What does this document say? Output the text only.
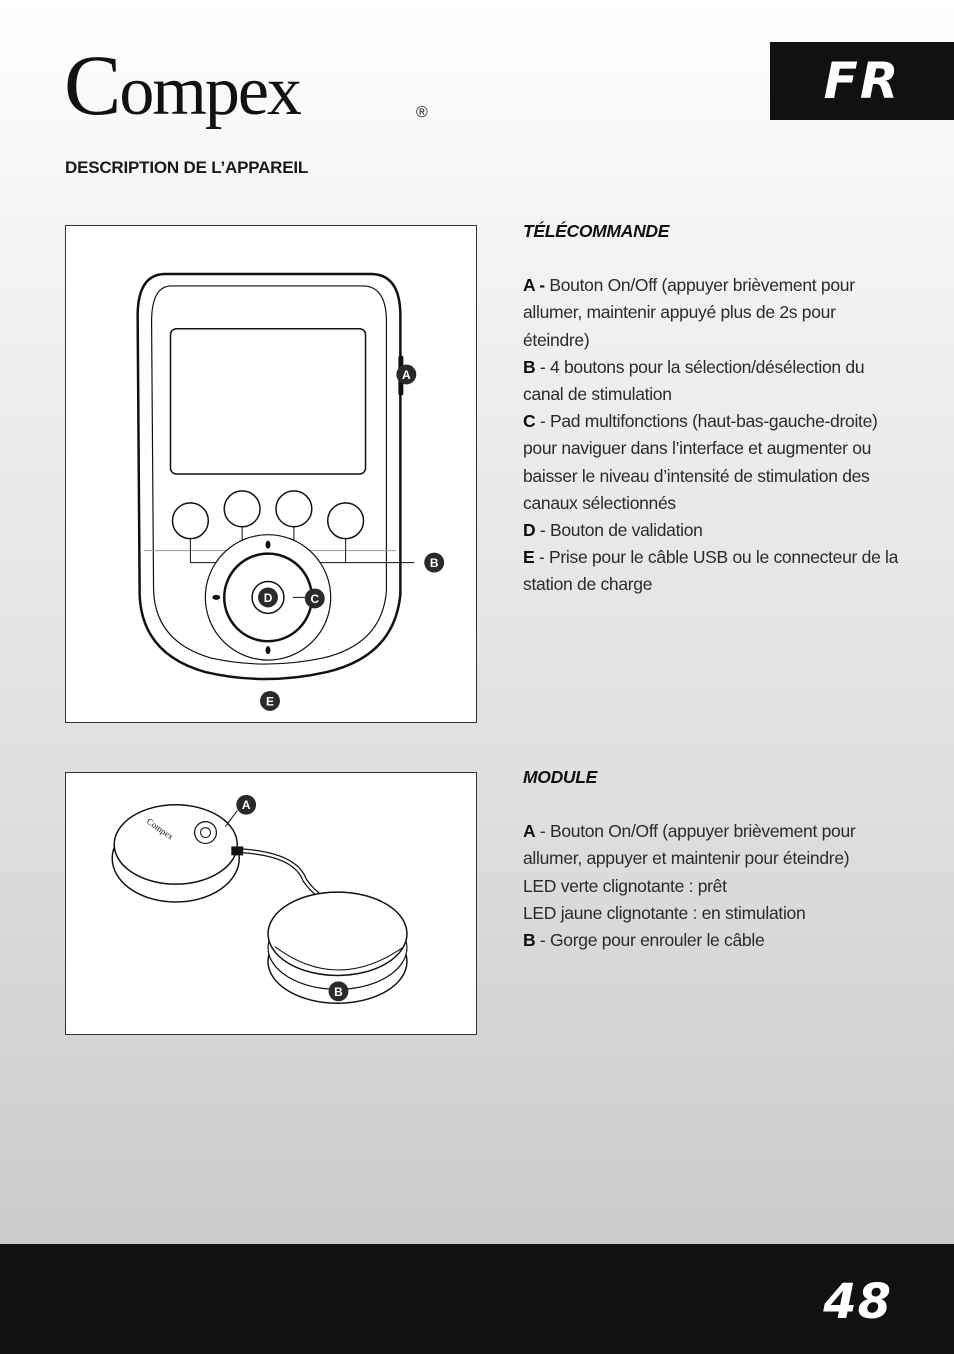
Compex	®
FR
DESCRIPTION DE L’APPAREIL
A
B
C
D
E
TÉLÉCOMMANDE

A - Bouton On/Off (appuyer brièvement pour allumer, maintenir appuyé plus de 2s pour éteindre)

B - 4 boutons pour la sélection/désélection du canal de stimulation

C - Pad multifonctions (haut-bas-gauche-droite) pour naviguer dans l’interface et augmenter ou baisser le niveau d’intensité de stimulation des canaux sélectionnés

D - Bouton de validation

E - Prise pour le câble USB ou le connecteur de la station de charge

Compex
A
B
MODULE

A - Bouton On/Off (appuyer brièvement pour allumer, appuyer et maintenir pour éteindre)

LED verte clignotante : prêt

LED jaune clignotante : en stimulation

B - Gorge pour enrouler le câble

48
